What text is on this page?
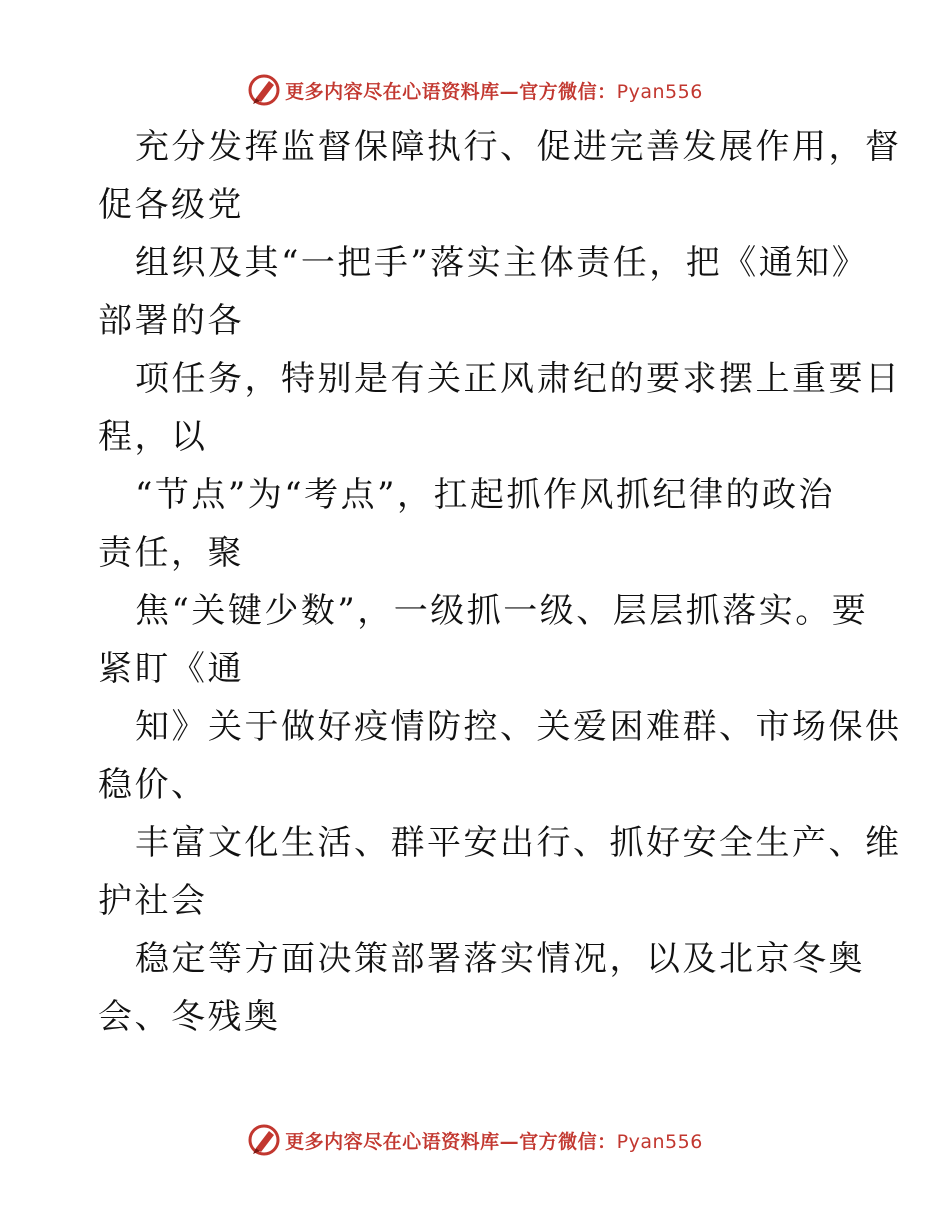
更多内容尽在心语资料库—官方微信：Pyan556

充分发挥监督保障执行、促进完善发展作用，督
促各级党

组织及其“一把手”落实主体责任，把《通知》
部署的各

项任务，特别是有关正风肃纪的要求摆上重要日
程，以

“节点”为“考点”，扛起抓作风抓纪律的政治
责任，聚

焦“关键少数”，一级抓一级、层层抓落实。要
紧盯《通

知》关于做好疫情防控、关爱困难群、市场保供
稳价、

丰富文化生活、群平安出行、抓好安全生产、维
护社会

稳定等方面决策部署落实情况，以及北京冬奥
会、冬残奥

更多内容尽在心语资料库—官方微信：Pyan556
